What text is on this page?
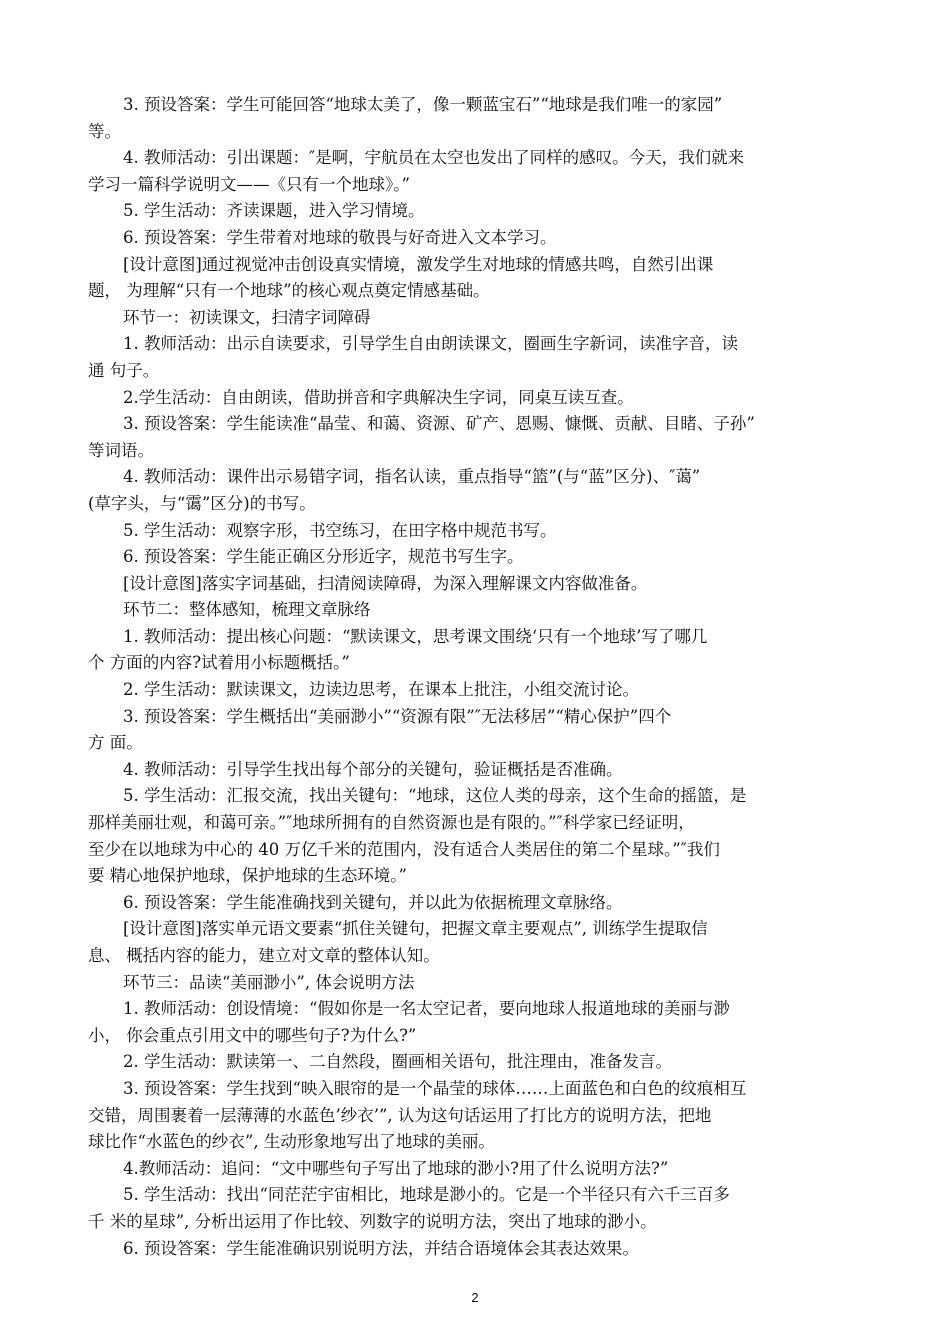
3. 预设答案：学生可能回答“地球太美了，像一颗蓝宝石”“地球是我们唯一的家园”
等。
4. 教师活动：引出课题：″是啊，宇航员在太空也发出了同样的感叹。今天，我们就来
学习一篇科学说明文——《只有一个地球》。”
5. 学生活动：齐读课题，进入学习情境。
6. 预设答案：学生带着对地球的敬畏与好奇进入文本学习。
[设计意图]通过视觉冲击创设真实情境，激发学生对地球的情感共鸣，自然引出课
题， 为理解“只有一个地球”的核心观点奠定情感基础。
环节一：初读课文，扫清字词障碍
1. 教师活动：出示自读要求，引导学生自由朗读课文，圈画生字新词，读准字音，读
通 句子。
2.学生活动：自由朗读，借助拼音和字典解决生字词，同桌互读互查。
3. 预设答案：学生能读准“晶莹、和蔼、资源、矿产、恩赐、慷慨、贡献、目睹、子孙”
等词语。
4. 教师活动：课件出示易错字词，指名认读，重点指导“篮”(与“蓝”区分)、″蔼”
(草字头，与“霭”区分)的书写。
5. 学生活动：观察字形，书空练习，在田字格中规范书写。
6. 预设答案：学生能正确区分形近字，规范书写生字。
[设计意图]落实字词基础，扫清阅读障碍，为深入理解课文内容做准备。
环节二：整体感知，梳理文章脉络
1. 教师活动：提出核心问题：“默读课文，思考课文围绕‘只有一个地球’写了哪几
个 方面的内容?试着用小标题概括。”
2. 学生活动：默读课文，边读边思考，在课本上批注，小组交流讨论。
3. 预设答案：学生概括出“美丽渺小”“资源有限”″无法移居”“精心保护”四个
方 面。
4. 教师活动：引导学生找出每个部分的关键句，验证概括是否准确。
5. 学生活动：汇报交流，找出关键句：“地球，这位人类的母亲，这个生命的摇篮，是
那样美丽壮观，和蔼可亲。”″地球所拥有的自然资源也是有限的。”″科学家已经证明，
至少在以地球为中心的 40 万亿千米的范围内，没有适合人类居住的第二个星球。”″我们
要 精心地保护地球，保护地球的生态环境。”
6. 预设答案：学生能准确找到关键句，并以此为依据梳理文章脉络。
[设计意图]落实单元语文要素“抓住关键句，把握文章主要观点”, 训练学生提取信
息、 概括内容的能力，建立对文章的整体认知。
环节三：品读“美丽渺小”, 体会说明方法
1. 教师活动：创设情境：“假如你是一名太空记者，要向地球人报道地球的美丽与渺
小， 你会重点引用文中的哪些句子?为什么?”
2. 学生活动：默读第一、二自然段，圈画相关语句，批注理由，准备发言。
3. 预设答案：学生找到“映入眼帘的是一个晶莹的球体……上面蓝色和白色的纹痕相互
交错，周围裹着一层薄薄的水蓝色’纱衣’”, 认为这句话运用了打比方的说明方法，把地
球比作“水蓝色的纱衣”, 生动形象地写出了地球的美丽。
4.教师活动：追问：“文中哪些句子写出了地球的渺小?用了什么说明方法?”
5. 学生活动：找出“同茫茫宇宙相比，地球是渺小的。它是一个半径只有六千三百多
千 米的星球”, 分析出运用了作比较、列数字的说明方法，突出了地球的渺小。
6. 预设答案：学生能准确识别说明方法，并结合语境体会其表达效果。
2
